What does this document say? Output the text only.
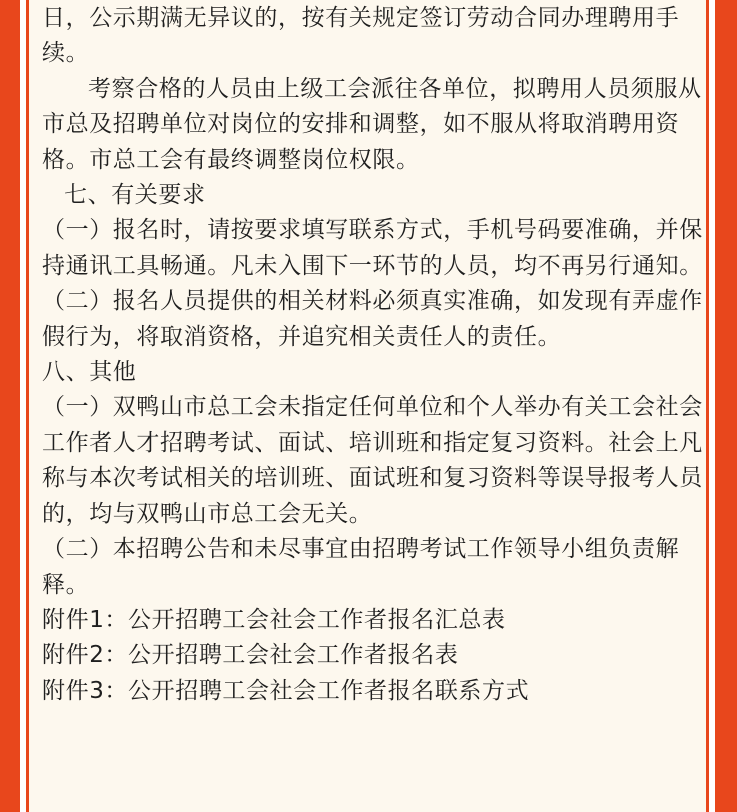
日，公示期满无异议的，按有关规定签订劳动合同办理聘用手续。

考察合格的人员由上级工会派往各单位，拟聘用人员须服从市总及招聘单位对岗位的安排和调整，如不服从将取消聘用资格。市总工会有最终调整岗位权限。

七、有关要求

（一）报名时，请按要求填写联系方式，手机号码要准确，并保持通讯工具畅通。凡未入围下一环节的人员，均不再另行通知。

（二）报名人员提供的相关材料必须真实准确，如发现有弄虚作假行为，将取消资格，并追究相关责任人的责任。

八、其他

（一）双鸭山市总工会未指定任何单位和个人举办有关工会社会工作者人才招聘考试、面试、培训班和指定复习资料。社会上凡称与本次考试相关的培训班、面试班和复习资料等误导报考人员的，均与双鸭山市总工会无关。

（二）本招聘公告和未尽事宜由招聘考试工作领导小组负责解释。

附件1：公开招聘工会社会工作者报名汇总表

附件2：公开招聘工会社会工作者报名表

附件3：公开招聘工会社会工作者报名联系方式
